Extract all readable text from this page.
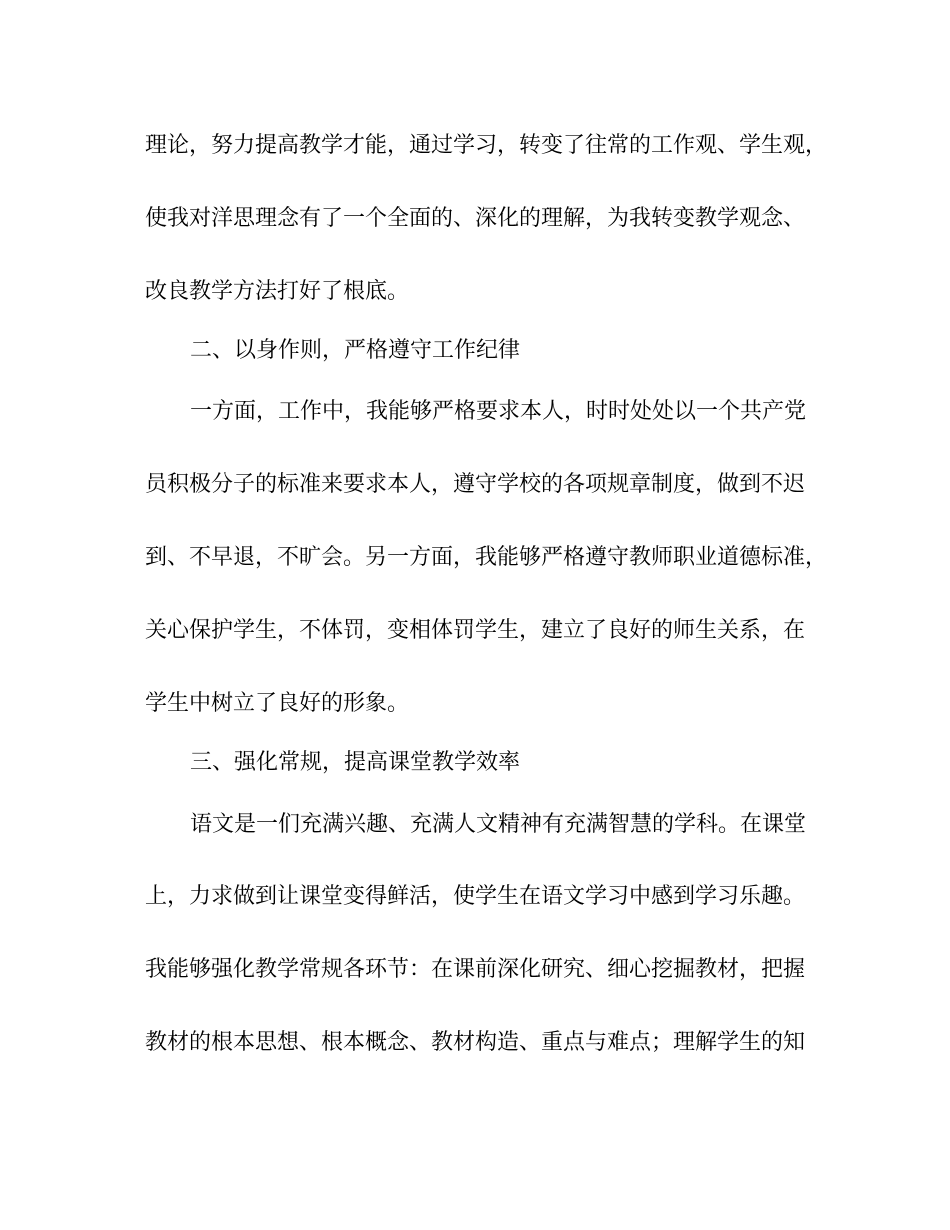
理论，努力提高教学才能，通过学习，转变了往常的工作观、学生观，
使我对洋思理念有了一个全面的、深化的理解，为我转变教学观念、
改良教学方法打好了根底。
二、以身作则，严格遵守工作纪律
一方面，工作中，我能够严格要求本人，时时处处以一个共产党
员积极分子的标准来要求本人，遵守学校的各项规章制度，做到不迟
到、不早退，不旷会。另一方面，我能够严格遵守教师职业道德标准，
关心保护学生，不体罚，变相体罚学生，建立了良好的师生关系，在
学生中树立了良好的形象。
三、强化常规，提高课堂教学效率
语文是一们充满兴趣、充满人文精神有充满智慧的学科。在课堂
上，力求做到让课堂变得鲜活，使学生在语文学习中感到学习乐趣。
我能够强化教学常规各环节：在课前深化研究、细心挖掘教材，把握
教材的根本思想、根本概念、教材构造、重点与难点；理解学生的知
